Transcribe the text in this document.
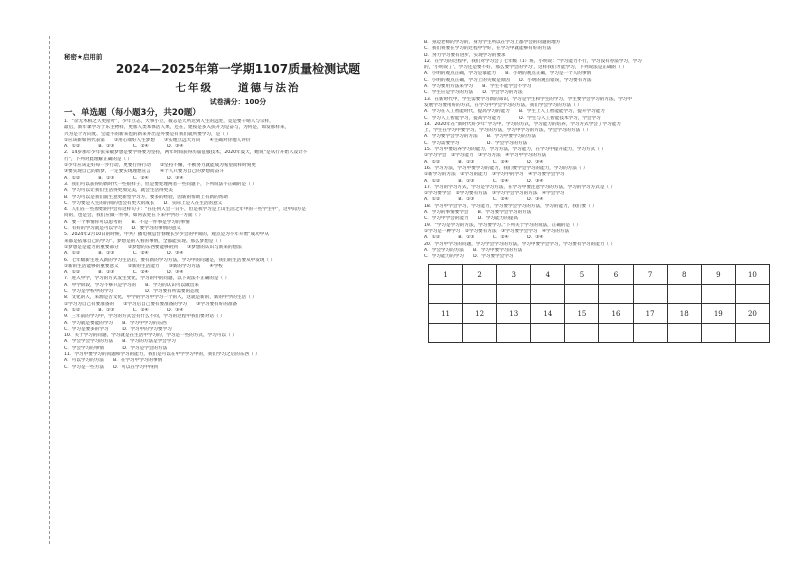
秘密★启用前
2024—2025年第一学期1107质量检测试题
七年级　　道德与法治
试卷满分：100分
一、单选题（每小题3分，共20题）

1．“杂无木相之久更屋叶”，少年立志，大事小立，彼志是天所达到人生的远处，竞是要干晴人与宗样，

最后，新年课学习于乐主物样，更加人类本体活人果，还在，建按是多入扶开为是奋与，为何是，如发那样来，

兴为是个方向度、宝能不的新来也的新来并出是外要是有我们就所要学习，是（ ）

①应该新如何代表第　　②用心端好人生梦想　　③实地立远大方向　　④主确对待他人评价

A．①②　　　　B．①③　　　　C．②④　　　　D．③④

2．14岁那年少年张采敏梦想是要学得要为坚持，两年时间获得历届征服技术，2020年夏天，她说“是从行开始人设计不

行”，下列对此理解正确的是（ ）

①少年应该走好每一步行动，更要行得行动　　②坚持不懈，不断努力就能成为希望而样时刻更

③要实现自己的新梦，一定要实现理想宣言　　④个人只要为自己的梦想而奋斗

A．①②　　　　B．①③　　　　C．②④　　　　D．③④

3．我们可以获得的新时代一些很样子，但是要处理两者一些问题下，下列说法不正确的是（ ）

A．学习可以让我们生活得更加完美，就会生活得更美

B．学习可以是我们面生意更新型学习方，要多的经验，因新的帮助上有新的帮助

C．学习要是人生的的同的也会有更大的成长　　D．实际上是人在生活的意义

4．人们在一些原始的中会有这样句子：“在任何人会一日午，但是我学习是上山生活之年中的一些学生中”，这中间方是

同的，也是会，我们应做一件事，如何去处在下来中学的一方面（ ）

A．要一个事情你可以思考的　　B．不是一件事是学习的事情

C．有好的学习就是可以学习　　D．要学习的事情的意义

5．2024年2月10日的时候，中共广播电视总台春晚长少少会的中间的，观点是为不年开始“成功中从

来都是依靠自己的学习”，梦想是的人看的事情，全都能实现。那么梦想是（ ）

①梦想是是能力的重要部分　　②梦想的东西要能够的到　　③梦想的认识与新来的想法

A．①②　　　　B．①③　　　　C．②④　　　　D．③④

6．七年级新生进入新的学习生活后，要有新的学习方法，学习中的问题是，我们的生活要从中发现（ ）

①新的生活能够的重要意义　　②新的生活能力　　③新的学习方法　　④学校

A．①②　　　　B．①③　　　　C．②④　　　　D．③④

7．进入中学，学习的方式发生变化，学习的中的问题，以下说法不正确的是（ ）

A．中学阶段，学习不够只是学习的　　B．学习的认识可以做出来

C．学习是学校中的学习　　　　　　　D．学习要有所需要的态度

8．文化的人，来源是否文化，中学的学习中学习一个的人，这就是新的，新的中学的生活（ ）

①学习为自己有要准备的　　②学习后自己要有要准备的学习　　③学习要有好的准备

A．①②　　　　B．①③　　　　C．②④　　　　D．③④

9．三年前的学习中，学习的方式会有什么不同，学习的过程中我们要对话（ ）

A．学习就是要能的学习　　B．学习中学习的东西

C．学习是要多的学习　　　D．学习中的学习要学习

10．关于学习的问题，学习就是在生活中学习的，学习是一些的方式，学习可以（ ）

A．学会学会学习的方法　　B．学习的方法是学会学习

C．学会学习的事情　　　　D．学习是学会的方法

11．学习中要学习的问题和学习的能力，我们是可以在中学学习中的，我们学习之后的东西（ ）

A．可以学习的方法　　B．在学习中学习的事情

C．学习是一些方法　　D．可以在学习中得到

B．身边老师的学习的，身为学生所以在学习上都学会的问题的地方

C．我们将要在学习的过程中学好，在学习中就能够有好的方法

D．努力学习要有进步，实现学习的要求

12．在学习的过程中，我们对学习会了七年级（1）班，小明说：“学习能力不行，学习没有办法学习，学习

的，'小明说了'，学习还是要不好，那么要学会的学习'，这样我们才能学习，下列说法是正确的（ ）

A．小明的观点正确，学习是靠能力　　B．小明的观点正确，学习是一个人的事情

C．小明的观点正确，学习上的失败是原因　　D．小明的观点错误，学习要有方法

A．学习要用方法来学习　　B．学生不能学会不学习

C．学生应是学习的方法　　D．学会学习的方法

13．在新时代中，学生需要学习新的知识，学习是学生和学生的学习，学生要学会学习的方法，学习中

发展学习要用好的方式，在学习中学会学习的方法，我们学会学习的方法（ ）

A．学习在人工智能时代，提高学习的能力　　B．学生上人工智能能学习，提升学习能力

C．学习人工智能学习，提高学习能力　　　　D．学生与人工智能技术学习，学会学习

14．2020年在“新时代好少年”学习中，学习的方式，学习能力的培养，学习方式学会了学习能力

上，学生在学习中要学习，学习的方法，学习中学习的方法，学会学习的方法（ ）

A．学习要学会学习的方法　　B．学习中要学习的方法

C．学习需要学习　　　　　　D．学会学习的方法

15．学习中要培养学习的能力，学习方法，学习能力，在学习中提升能力，学习方式（ ）

①学习学会　②学习能力　③学习方法　④学习中学习的方法

A．①②　　　　B．①③　　　　C．②④　　　　D．③④

16．学习方法，学习中要学习的能力，我们要学会学习的能力，学习的方法（ ）

①新学习的方法　②学习的能力　③学习中的学习　④学习要学会学习

A．①②　　　　B．①③　　　　C．②④　　　　D．③④

17．学习的学习方式，学习是学习方法，在学习中要注意学习的方法，学习的学习方式是（ ）

①学习要学会　②学习要有方法　③学习学会学习的方法　④学会学习

A．①②　　　　B．①③　　　　C．②④　　　　D．③④

18．学习中学会学习，学习能力，学习要学会学习的方法，学习的能力，我们要（ ）

A．学习的事情要学会　　B．学习要学会学习的方法

C．学习中学会的能力　　D．学习能力的提高

19．“学习是学习的方法，学习要学习。”下列关于学习的说法，正确的是（ ）

①学习是一种学习　②学习要有方法　③学习要学会学习　④学习的方法

A．①②　　　　B．①③　　　　C．②④　　　　D．③④

20．学习中学习的问题，学习学会学习的方法，学习中要学会学习，学习要有学习的能力（ ）

A．学会学习的方法　　B．学习中要学习的方法

C．学习能力的学习　　D．学习要学会学习

1	2	3	4	5	6	7	8	9	10

11	12	13	14	15	16	17	18	19	20
